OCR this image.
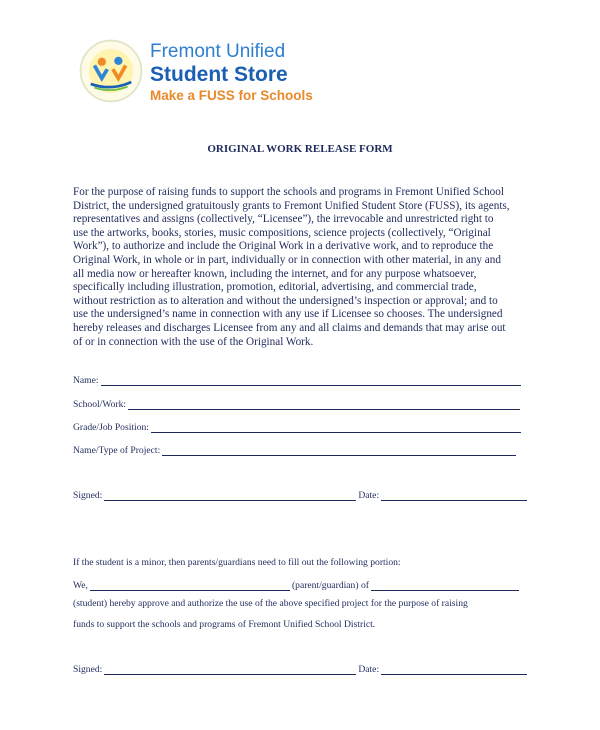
Fremont Unified
Student Store
Make a FUSS for Schools
ORIGINAL WORK RELEASE FORM
For the purpose of raising funds to support the schools and programs in Fremont Unified School
District, the undersigned gratuitously grants to Fremont Unified Student Store (FUSS), its agents,
representatives and assigns (collectively, “Licensee”), the irrevocable and unrestricted right to
use the artworks, books, stories, music compositions, science projects (collectively, “Original
Work”), to authorize and include the Original Work in a derivative work, and to reproduce the
Original Work, in whole or in part, individually or in connection with other material, in any and
all media now or hereafter known, including the internet, and for any purpose whatsoever,
specifically including illustration, promotion, editorial, advertising, and commercial trade,
without restriction as to alteration and without the undersigned’s inspection or approval; and to
use the undersigned’s name in connection with any use if Licensee so chooses. The undersigned
hereby releases and discharges Licensee from any and all claims and demands that may arise out
of or in connection with the use of the Original Work.
Name:
School/Work:
Grade/Job Position:
Name/Type of Project:
Signed:	Date:
If the student is a minor, then parents/guardians need to fill out the following portion:
We,	(parent/guardian) of
(student) hereby approve and authorize the use of the above specified project for the purpose of raising
funds to support the schools and programs of Fremont Unified School District.
Signed:	Date:
